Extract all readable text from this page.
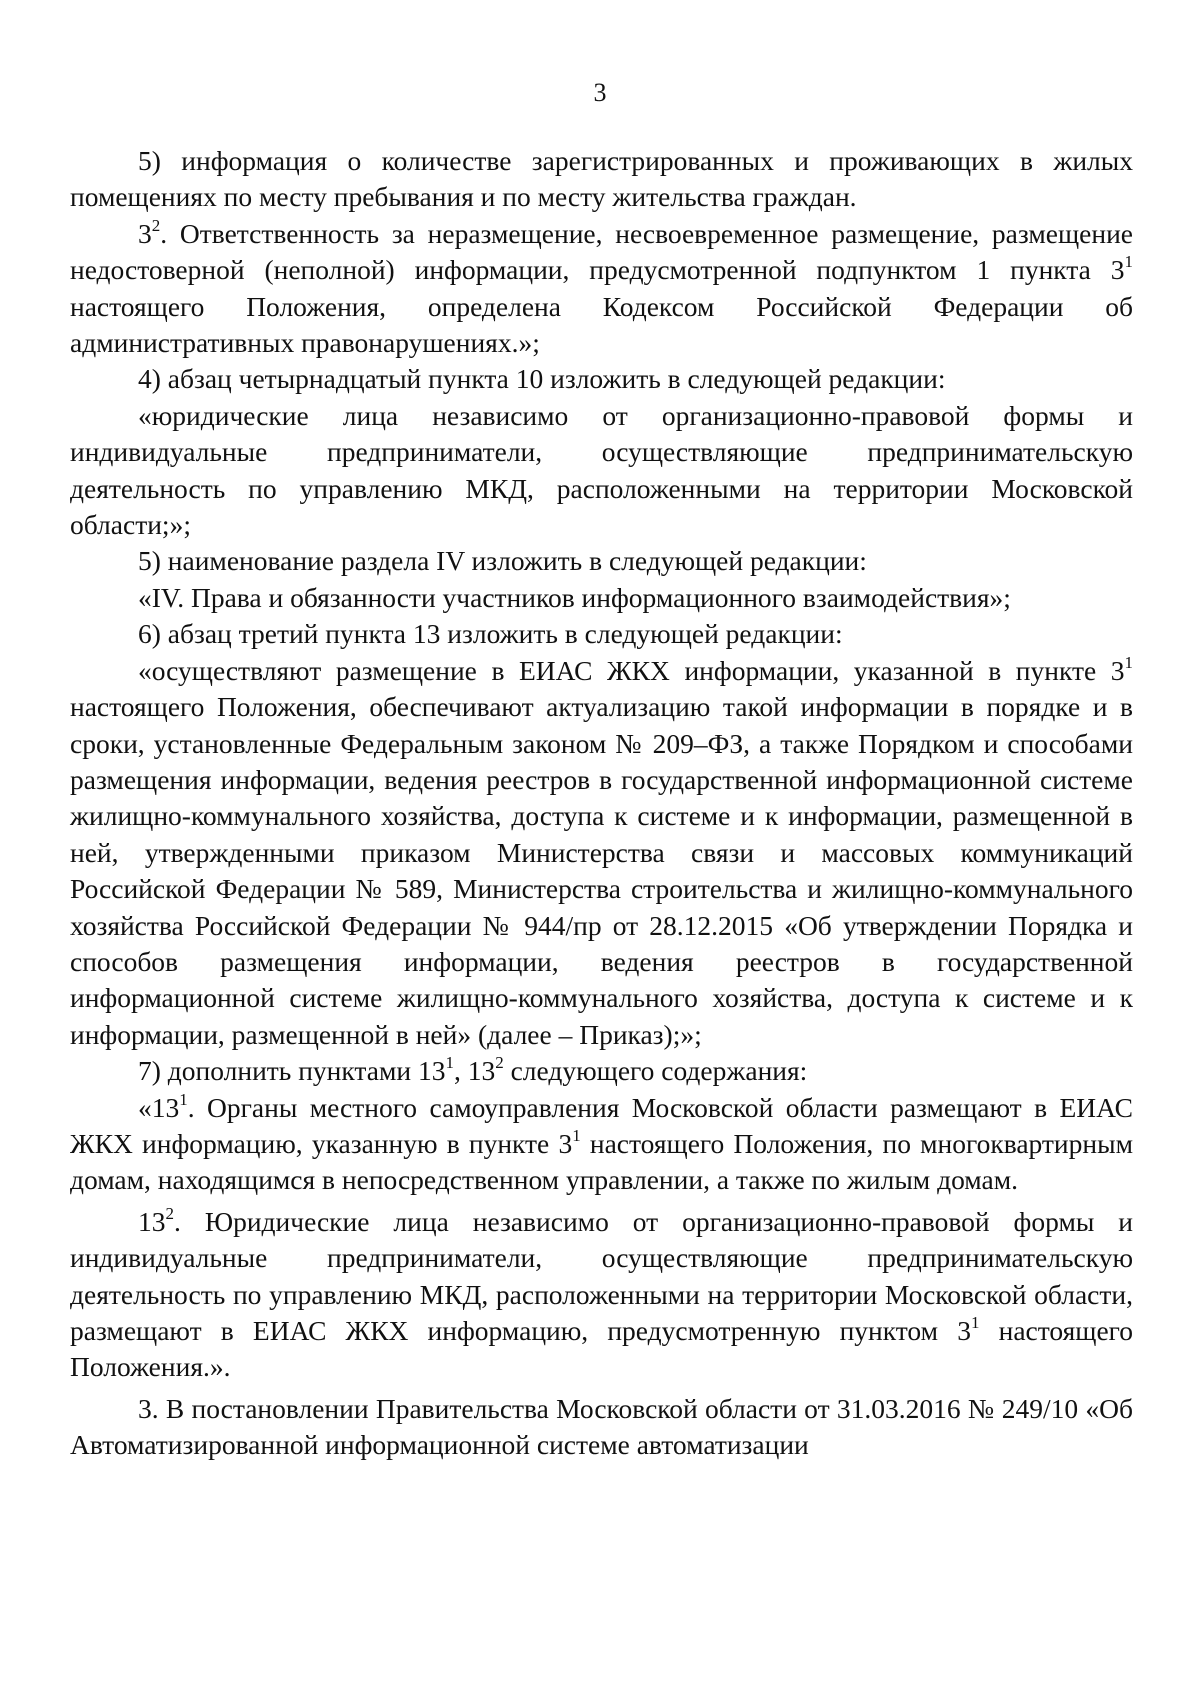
3

5) информация о количестве зарегистрированных и проживающих в жилых помещениях по месту пребывания и по месту жительства граждан.

$3^2$. Ответственность за неразмещение, несвоевременное размещение, размещение недостоверной (неполной) информации, предусмотренной подпунктом 1 пункта $3^1$ настоящего Положения, определена Кодексом Российской Федерации об административных правонарушениях.»;

4) абзац четырнадцатый пункта 10 изложить в следующей редакции:

«юридические лица независимо от организационно-правовой формы и индивидуальные предприниматели, осуществляющие предпринимательскую деятельность по управлению МКД, расположенными на территории Московской области;»;

5) наименование раздела IV изложить в следующей редакции:

«IV. Права и обязанности участников информационного взаимодействия»;

6) абзац третий пункта 13 изложить в следующей редакции:

«осуществляют размещение в ЕИАС ЖКХ информации, указанной в пункте $3^1$ настоящего Положения, обеспечивают актуализацию такой информации в порядке и в сроки, установленные Федеральным законом № 209–ФЗ, а также Порядком и способами размещения информации, ведения реестров в государственной информационной системе жилищно-коммунального хозяйства, доступа к системе и к информации, размещенной в ней, утвержденными приказом Министерства связи и массовых коммуникаций Российской Федерации № 589, Министерства строительства и жилищно-коммунального хозяйства Российской Федерации № 944/пр от 28.12.2015 «Об утверждении Порядка и способов размещения информации, ведения реестров в государственной информационной системе жилищно-коммунального хозяйства, доступа к системе и к информации, размещенной в ней» (далее – Приказ);»;

7) дополнить пунктами $13^1$, $13^2$ следующего содержания:

«$13^1$. Органы местного самоуправления Московской области размещают в ЕИАС ЖКХ информацию, указанную в пункте $3^1$ настоящего Положения, по многоквартирным домам, находящимся в непосредственном управлении, а также по жилым домам.

$13^2$. Юридические лица независимо от организационно-правовой формы и индивидуальные предприниматели, осуществляющие предпринимательскую деятельность по управлению МКД, расположенными на территории Московской области, размещают в ЕИАС ЖКХ информацию, предусмотренную пунктом $3^1$ настоящего Положения.».

3. В постановлении Правительства Московской области от 31.03.2016 № 249/10 «Об Автоматизированной информационной системе автоматизации
